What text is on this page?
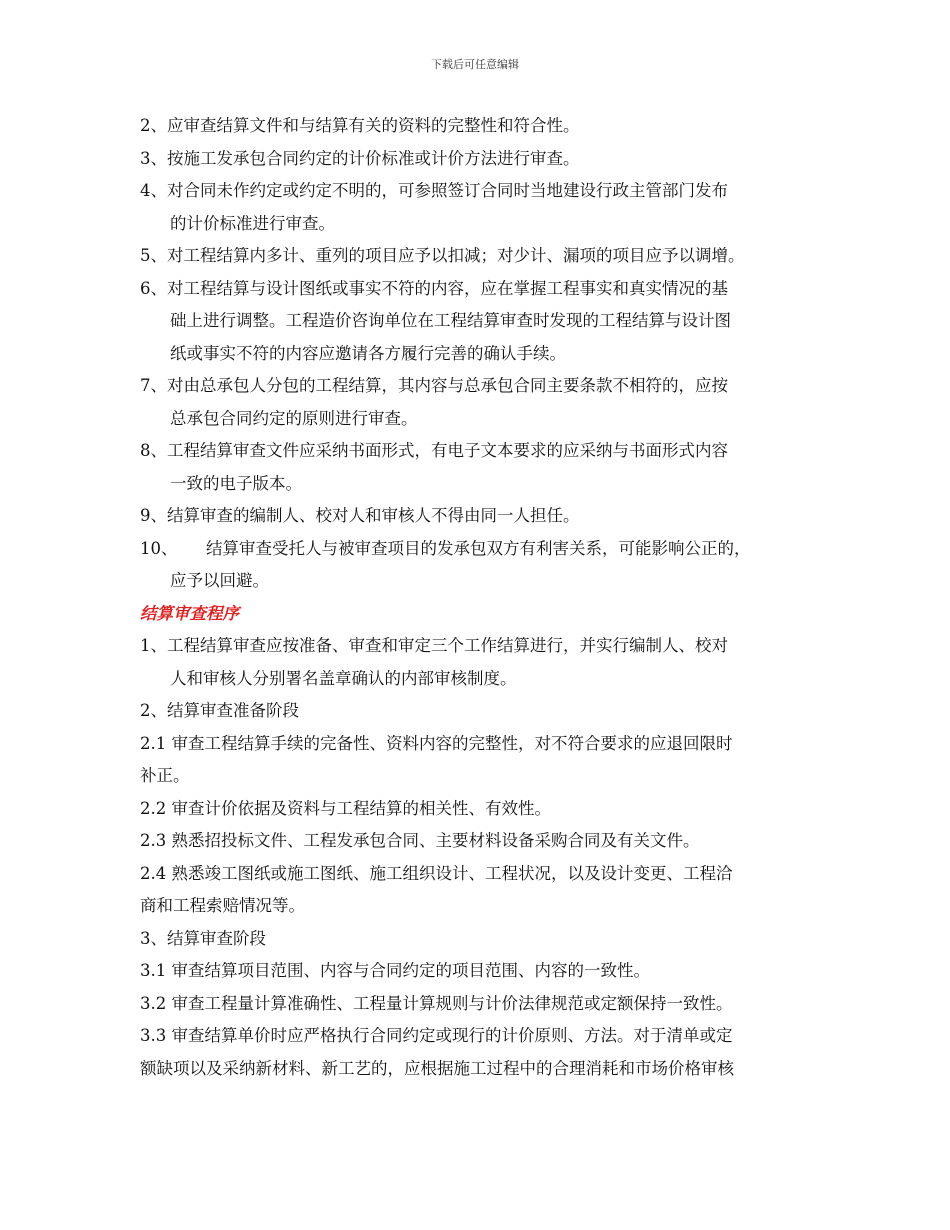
下载后可任意编辑

2、应审查结算文件和与结算有关的资料的完整性和符合性。

3、按施工发承包合同约定的计价标准或计价方法进行审查。

4、对合同未作约定或约定不明的，可参照签订合同时当地建设行政主管部门发布
的计价标准进行审查。

5、对工程结算内多计、重列的项目应予以扣减；对少计、漏项的项目应予以调增。

6、对工程结算与设计图纸或事实不符的内容，应在掌握工程事实和真实情况的基
础上进行调整。工程造价咨询单位在工程结算审查时发现的工程结算与设计图
纸或事实不符的内容应邀请各方履行完善的确认手续。

7、对由总承包人分包的工程结算，其内容与总承包合同主要条款不相符的，应按
总承包合同约定的原则进行审查。

8、工程结算审查文件应采纳书面形式，有电子文本要求的应采纳与书面形式内容
一致的电子版本。

9、结算审查的编制人、校对人和审核人不得由同一人担任。

10、 结算审查受托人与被审查项目的发承包双方有利害关系，可能影响公正的，
应予以回避。

结算审查程序

1、工程结算审查应按准备、审查和审定三个工作结算进行，并实行编制人、校对
人和审核人分别署名盖章确认的内部审核制度。

2、结算审查准备阶段

2.1 审查工程结算手续的完备性、资料内容的完整性，对不符合要求的应退回限时
补正。

2.2 审查计价依据及资料与工程结算的相关性、有效性。

2.3 熟悉招投标文件、工程发承包合同、主要材料设备采购合同及有关文件。

2.4 熟悉竣工图纸或施工图纸、施工组织设计、工程状况，以及设计变更、工程洽
商和工程索赔情况等。

3、结算审查阶段

3.1 审查结算项目范围、内容与合同约定的项目范围、内容的一致性。

3.2 审查工程量计算准确性、工程量计算规则与计价法律规范或定额保持一致性。

3.3 审查结算单价时应严格执行合同约定或现行的计价原则、方法。对于清单或定
额缺项以及采纳新材料、新工艺的，应根据施工过程中的合理消耗和市场价格审核
